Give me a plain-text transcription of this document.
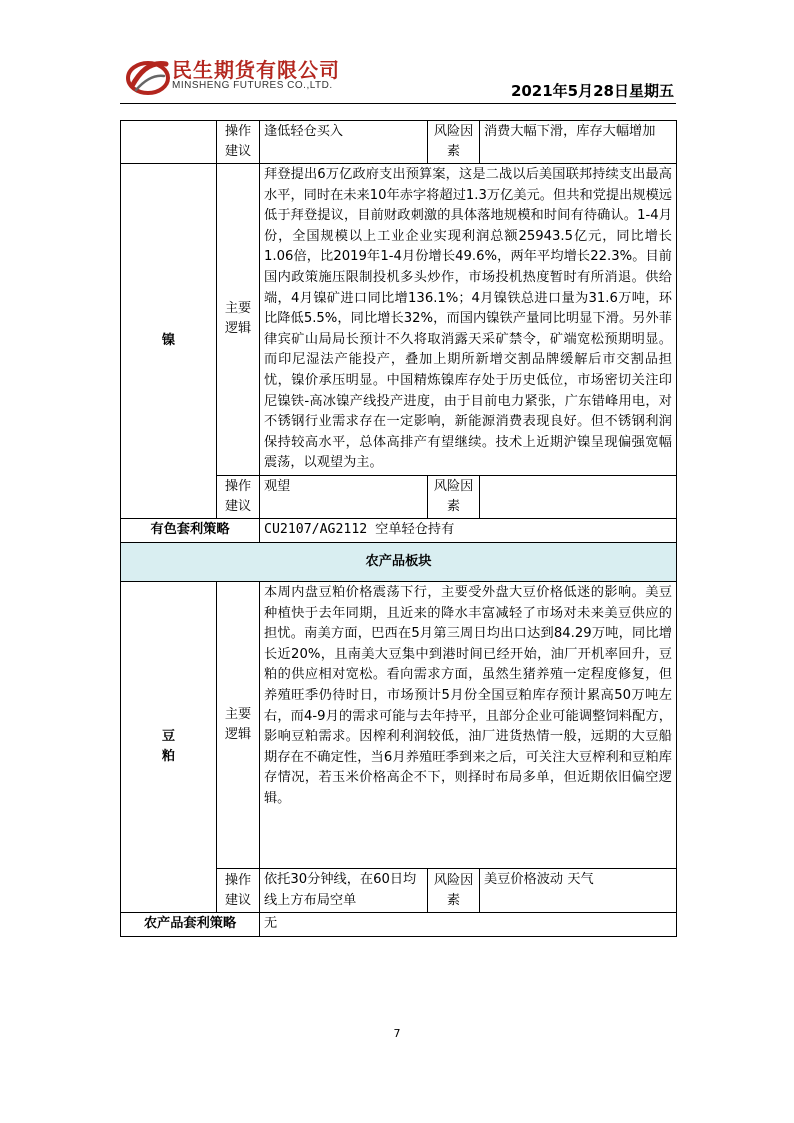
民生期货有限公司
MINSHENG FUTURES CO.,LTD.	2021年5月28日星期五
	操作建议	逢低轻仓买入	风险因素	消费大幅下滑，库存大幅增加
镍	主要逻辑	拜登提出6万亿政府支出预算案，这是二战以后美国联邦持续支出最高水平，同时在未来10年赤字将超过1.3万亿美元。但共和党提出规模远低于拜登提议，目前财政刺激的具体落地规模和时间有待确认。1-4月份，全国规模以上工业企业实现利润总额25943.5亿元，同比增长1.06倍，比2019年1-4月份增长49.6%，两年平均增长22.3%。目前国内政策施压限制投机多头炒作，市场投机热度暂时有所消退。供给端，4月镍矿进口同比增136.1%；4月镍铁总进口量为31.6万吨，环比降低5.5%，同比增长32%，而国内镍铁产量同比明显下滑。另外菲律宾矿山局局长预计不久将取消露天采矿禁令，矿端宽松预期明显。而印尼湿法产能投产，叠加上期所新增交割品牌缓解后市交割品担忧，镍价承压明显。中国精炼镍库存处于历史低位，市场密切关注印尼镍铁-高冰镍产线投产进度，由于目前电力紧张，广东错峰用电，对不锈钢行业需求存在一定影响，新能源消费表现良好。但不锈钢利润保持较高水平，总体高排产有望继续。技术上近期沪镍呈现偏强宽幅震荡，以观望为主。		
	操作建议	观望	风险因素	
有色套利策略		CU2107/AG2112 空单轻仓持有		
农产品板块				
豆粕	主要逻辑	本周内盘豆粕价格震荡下行，主要受外盘大豆价格低迷的影响。美豆种植快于去年同期，且近来的降水丰富减轻了市场对未来美豆供应的担忧。南美方面，巴西在5月第三周日均出口达到84.29万吨，同比增长近20%，且南美大豆集中到港时间已经开始，油厂开机率回升，豆粕的供应相对宽松。看向需求方面，虽然生猪养殖一定程度修复，但养殖旺季仍待时日，市场预计5月份全国豆粕库存预计累高50万吨左右，而4-9月的需求可能与去年持平，且部分企业可能调整饲料配方，影响豆粕需求。因榨利利润较低，油厂进货热情一般，远期的大豆船期存在不确定性，当6月养殖旺季到来之后，可关注大豆榨利和豆粕库存情况，若玉米价格高企不下，则择时布局多单，但近期依旧偏空逻辑。		
	操作建议	依托30分钟线，在60日均线上方布局空单	风险因素	美豆价格波动 天气
农产品套利策略		无		
7
